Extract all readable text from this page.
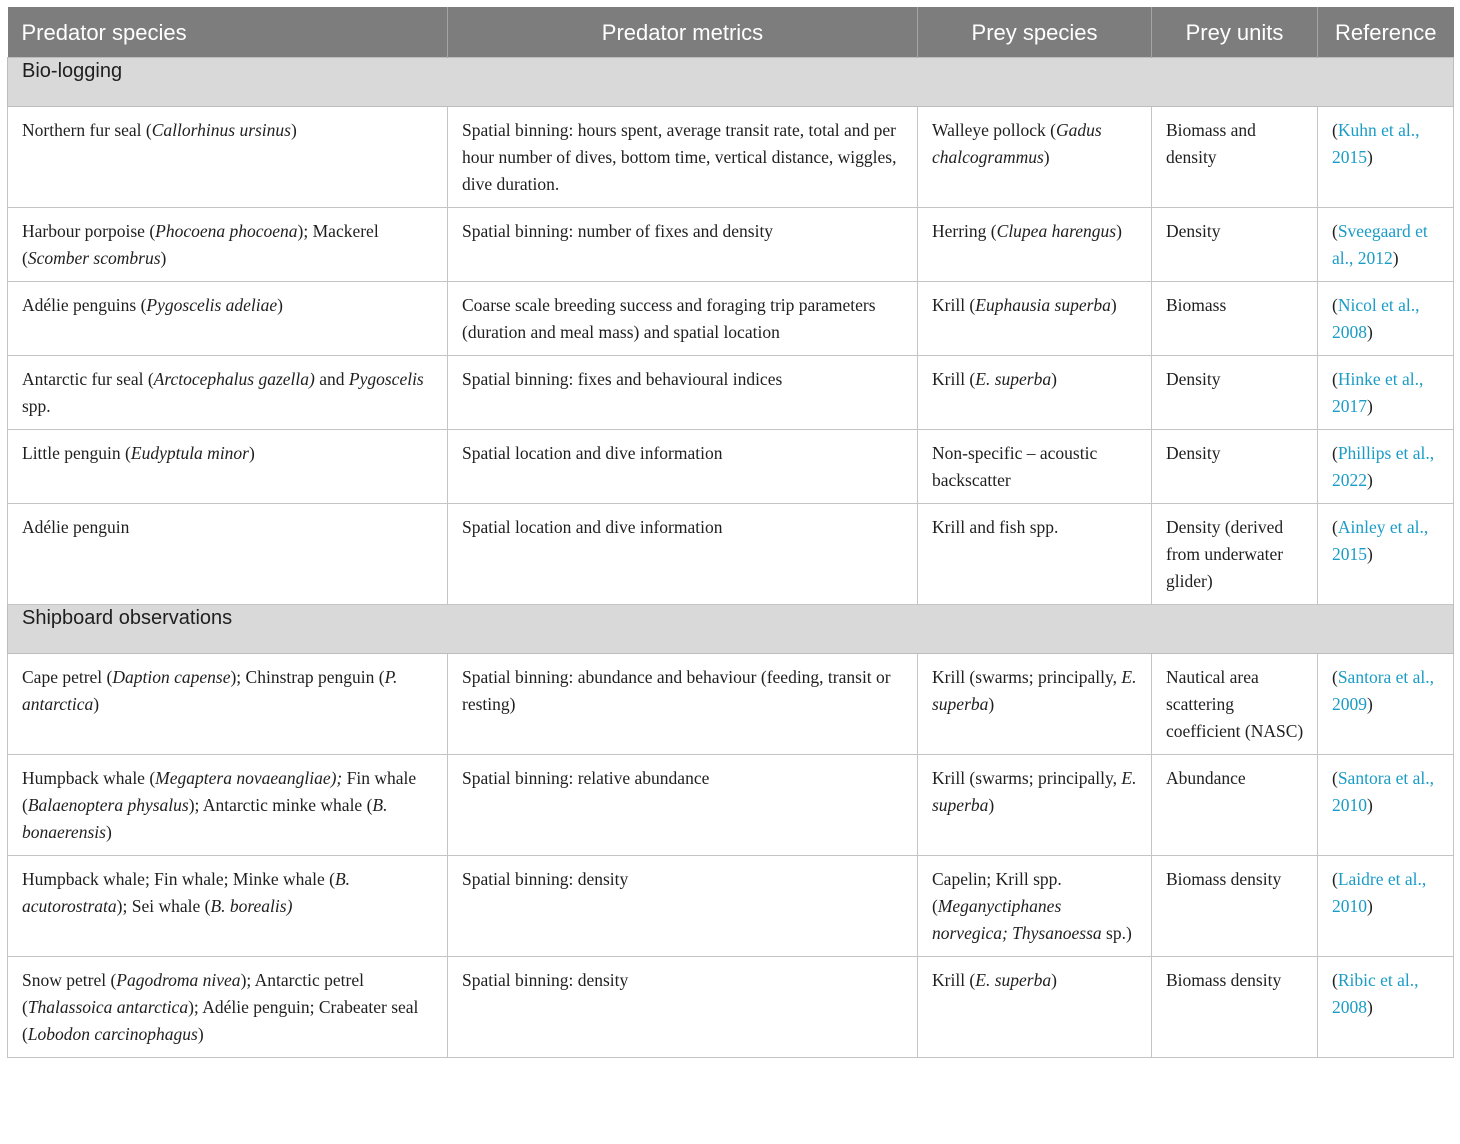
Predator species	Predator metrics	Prey species	Prey units	Reference
Bio-logging				
Northern fur seal (Callorhinus ursinus)	Spatial binning: hours spent, average transit rate, total and per hour number of dives, bottom time, vertical distance, wiggles, dive duration.	Walleye pollock (Gadus chalcogrammus)	Biomass and density	(Kuhn et al., 2015)
Harbour porpoise (Phocoena phocoena); Mackerel (Scomber scombrus)	Spatial binning: number of fixes and density	Herring (Clupea harengus)	Density	(Sveegaard et al., 2012)
Adélie penguins (Pygoscelis adeliae)	Coarse scale breeding success and foraging trip parameters (duration and meal mass) and spatial location	Krill (Euphausia superba)	Biomass	(Nicol et al., 2008)
Antarctic fur seal (Arctocephalus gazella) and Pygoscelis spp.	Spatial binning: fixes and behavioural indices	Krill (E. superba)	Density	(Hinke et al., 2017)
Little penguin (Eudyptula minor)	Spatial location and dive information	Non-specific – acoustic backscatter	Density	(Phillips et al., 2022)
Adélie penguin	Spatial location and dive information	Krill and fish spp.	Density (derived from underwater glider)	(Ainley et al., 2015)
Shipboard observations				
Cape petrel (Daption capense); Chinstrap penguin (P. antarctica)	Spatial binning: abundance and behaviour (feeding, transit or resting)	Krill (swarms; principally, E. superba)	Nautical area scattering coefficient (NASC)	(Santora et al., 2009)
Humpback whale (Megaptera novaeangliae); Fin whale (Balaenoptera physalus); Antarctic minke whale (B. bonaerensis)	Spatial binning: relative abundance	Krill (swarms; principally, E. superba)	Abundance	(Santora et al., 2010)
Humpback whale; Fin whale; Minke whale (B. acutorostrata); Sei whale (B. borealis)	Spatial binning: density	Capelin; Krill spp. (Meganyctiphanes norvegica; Thysanoessa sp.)	Biomass density	(Laidre et al., 2010)
Snow petrel (Pagodroma nivea); Antarctic petrel (Thalassoica antarctica); Adélie penguin; Crabeater seal (Lobodon carcinophagus)	Spatial binning: density	Krill (E. superba)	Biomass density	(Ribic et al., 2008)
